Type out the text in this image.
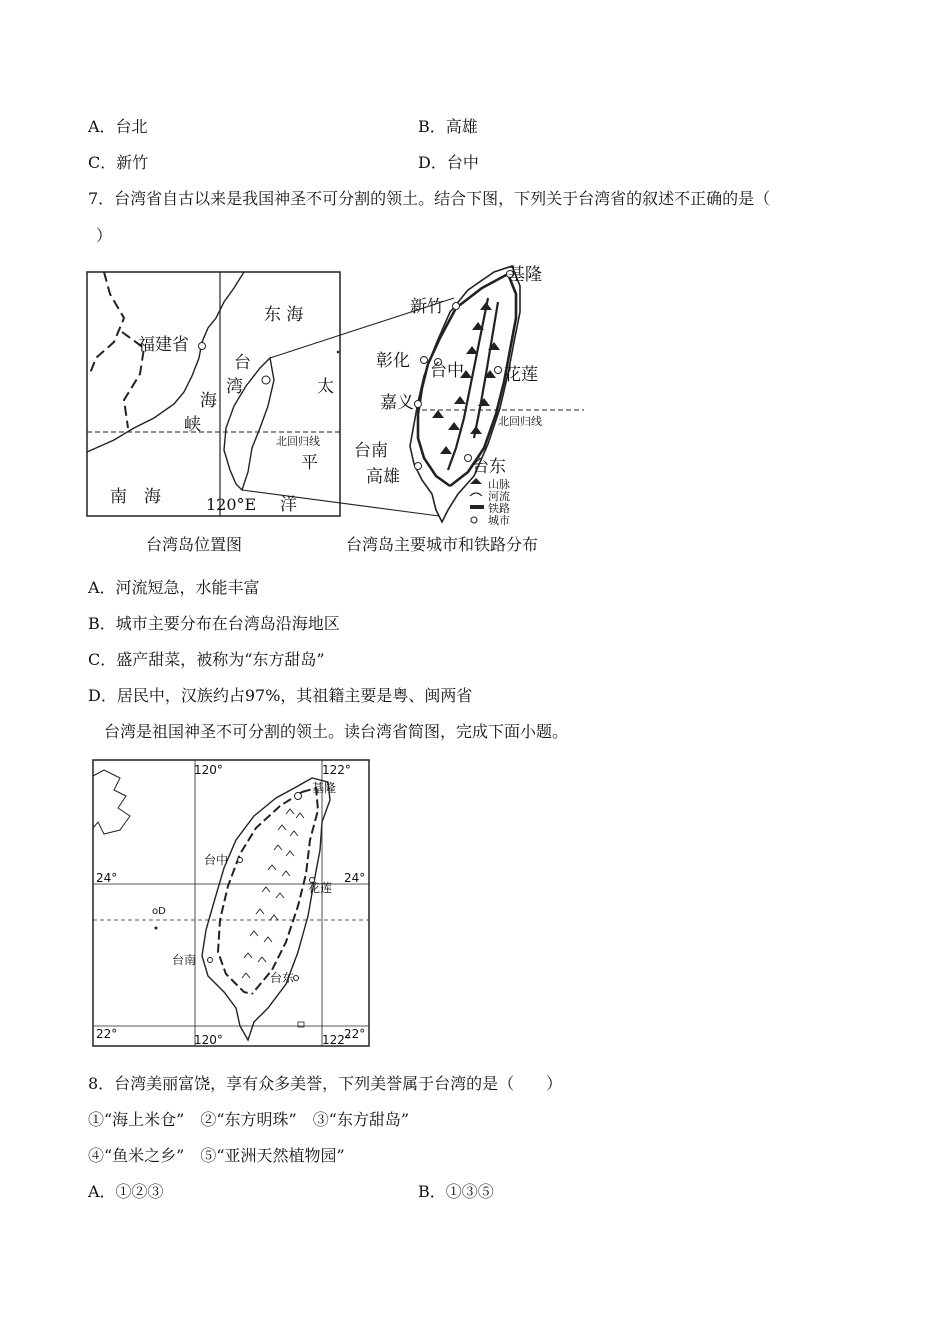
A．台北	B．高雄
C．新竹	D．台中
7．台湾省自古以来是我国神圣不可分割的领土。结合下图，下列关于台湾省的叙述不正确的是（
）
福建省
东 海
台
湾
海
峡
太
平
洋
南　海	120°E
北回归线
基隆
新竹
彰化 台中 花莲
嘉义
北回归线
台南
高雄	台东
山脉
河流
铁路
城市
台湾岛位置图	台湾岛主要城市和铁路分布
A．河流短急，水能丰富
B．城市主要分布在台湾岛沿海地区
C．盛产甜菜，被称为“东方甜岛”
D．居民中，汉族约占97%，其祖籍主要是粤、闽两省
台湾是祖国神圣不可分割的领土。读台湾省简图，完成下面小题。
oD
120°	122°
120°	122°
24°	24°
22°	22°
基隆
台中
花莲
台南
台东
8．台湾美丽富饶，享有众多美誉，下列美誉属于台湾的是（　　）
①“海上米仓”　②“东方明珠”　③“东方甜岛”
④“鱼米之乡”　⑤“亚洲天然植物园”
A．①②③	B．①③⑤
